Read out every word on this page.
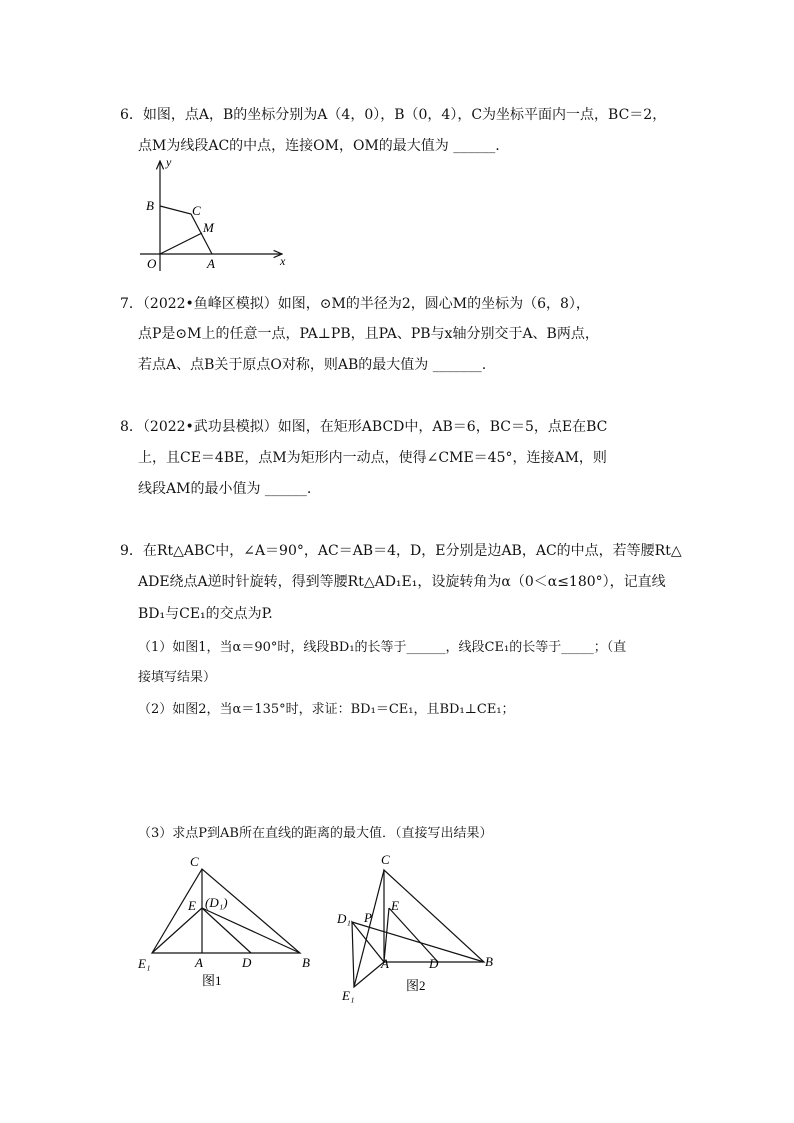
6．如图，点A，B的坐标分别为A（4，0），B（0，4），C为坐标平面内一点，BC＝2，
点M为线段AC的中点，连接OM，OM的最大值为 ______.
y
B	C
M
O	A	x
7．（2022•鱼峰区模拟）如图，⊙M的半径为2，圆心M的坐标为（6，8），
点P是⊙M上的任意一点，PA⊥PB，且PA、PB与x轴分别交于A、B两点，
若点A、点B关于原点O对称，则AB的最大值为 _______.
8．（2022•武功县模拟）如图，在矩形ABCD中，AB＝6，BC＝5，点E在BC
上，且CE＝4BE，点M为矩形内一动点，使得∠CME＝45°，连接AM，则
线段AM的最小值为 ______.
9．在Rt△ABC中，∠A＝90°，AC＝AB＝4，D，E分别是边AB，AC的中点，若等腰Rt△
ADE绕点A逆时针旋转，得到等腰Rt△AD₁E₁，设旋转角为α（0＜α≤180°），记直线
BD₁与CE₁的交点为P.
（1）如图1，当α＝90°时，线段BD₁的长等于______，线段CE₁的长等于_____；（直
接填写结果）
（2）如图2，当α＝135°时，求证：BD₁＝CE₁，且BD₁⊥CE₁；
（3）求点P到AB所在直线的距离的最大值．（直接写出结果）
C
E (D₁)
E₁	A	D	B
图1
C
E
D₁ P
A	D	B
E₁
图2
